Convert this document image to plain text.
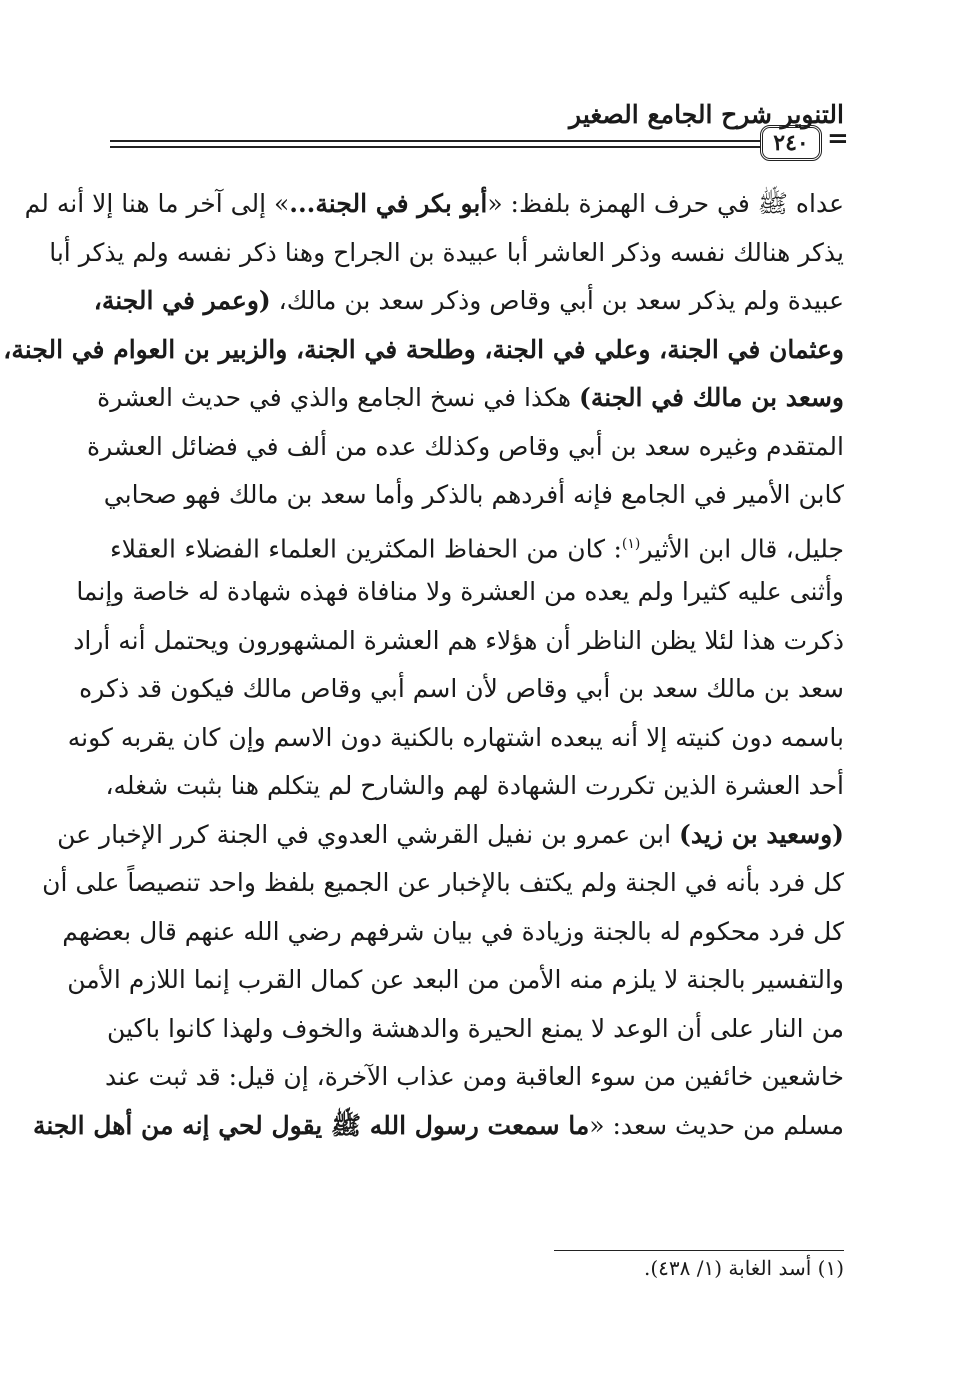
التنوير شرح الجامع الصغير
٢٤٠ =
عداه ﷺ في حرف الهمزة بلفظ: «أبو بكر في الجنة...» إلى آخر ما هنا إلا أنه لم
يذكر هنالك نفسه وذكر العاشر أبا عبيدة بن الجراح وهنا ذكر نفسه ولم يذكر أبا
عبيدة ولم يذكر سعد بن أبي وقاص وذكر سعد بن مالك، (وعمر في الجنة،
وعثمان في الجنة، وعلي في الجنة، وطلحة في الجنة، والزبير بن العوام في الجنة،
وسعد بن مالك في الجنة) هكذا في نسخ الجامع والذي في حديث العشرة
المتقدم وغيره سعد بن أبي وقاص وكذلك عده من ألف في فضائل العشرة
كابن الأمير في الجامع فإنه أفردهم بالذكر وأما سعد بن مالك فهو صحابي
جليل، قال ابن الأثير$^{(١)}$: كان من الحفاظ المكثرين العلماء الفضلاء العقلاء
وأثنى عليه كثيرا ولم يعده من العشرة ولا منافاة فهذه شهادة له خاصة وإنما
ذكرت هذا لئلا يظن الناظر أن هؤلاء هم العشرة المشهورون ويحتمل أنه أراد
سعد بن مالك سعد بن أبي وقاص لأن اسم أبي وقاص مالك فيكون قد ذكره
باسمه دون كنيته إلا أنه يبعده اشتهاره بالكنية دون الاسم وإن كان يقربه كونه
أحد العشرة الذين تكررت الشهادة لهم والشارح لم يتكلم هنا بثبت شغله،
(وسعيد بن زيد) ابن عمرو بن نفيل القرشي العدوي في الجنة كرر الإخبار عن
كل فرد بأنه في الجنة ولم يكتف بالإخبار عن الجميع بلفظ واحد تنصيصاً على أن
كل فرد محكوم له بالجنة وزيادة في بيان شرفهم رضي الله عنهم قال بعضهم
والتفسير بالجنة لا يلزم منه الأمن من البعد عن كمال القرب إنما اللازم الأمن
من النار على أن الوعد لا يمنع الحيرة والدهشة والخوف ولهذا كانوا باكين
خاشعين خائفين من سوء العاقبة ومن عذاب الآخرة، إن قيل: قد ثبت عند
مسلم من حديث سعد: «ما سمعت رسول الله ﷺ يقول لحي إنه من أهل الجنة
(١) أسد الغابة (١/ ٤٣٨).
